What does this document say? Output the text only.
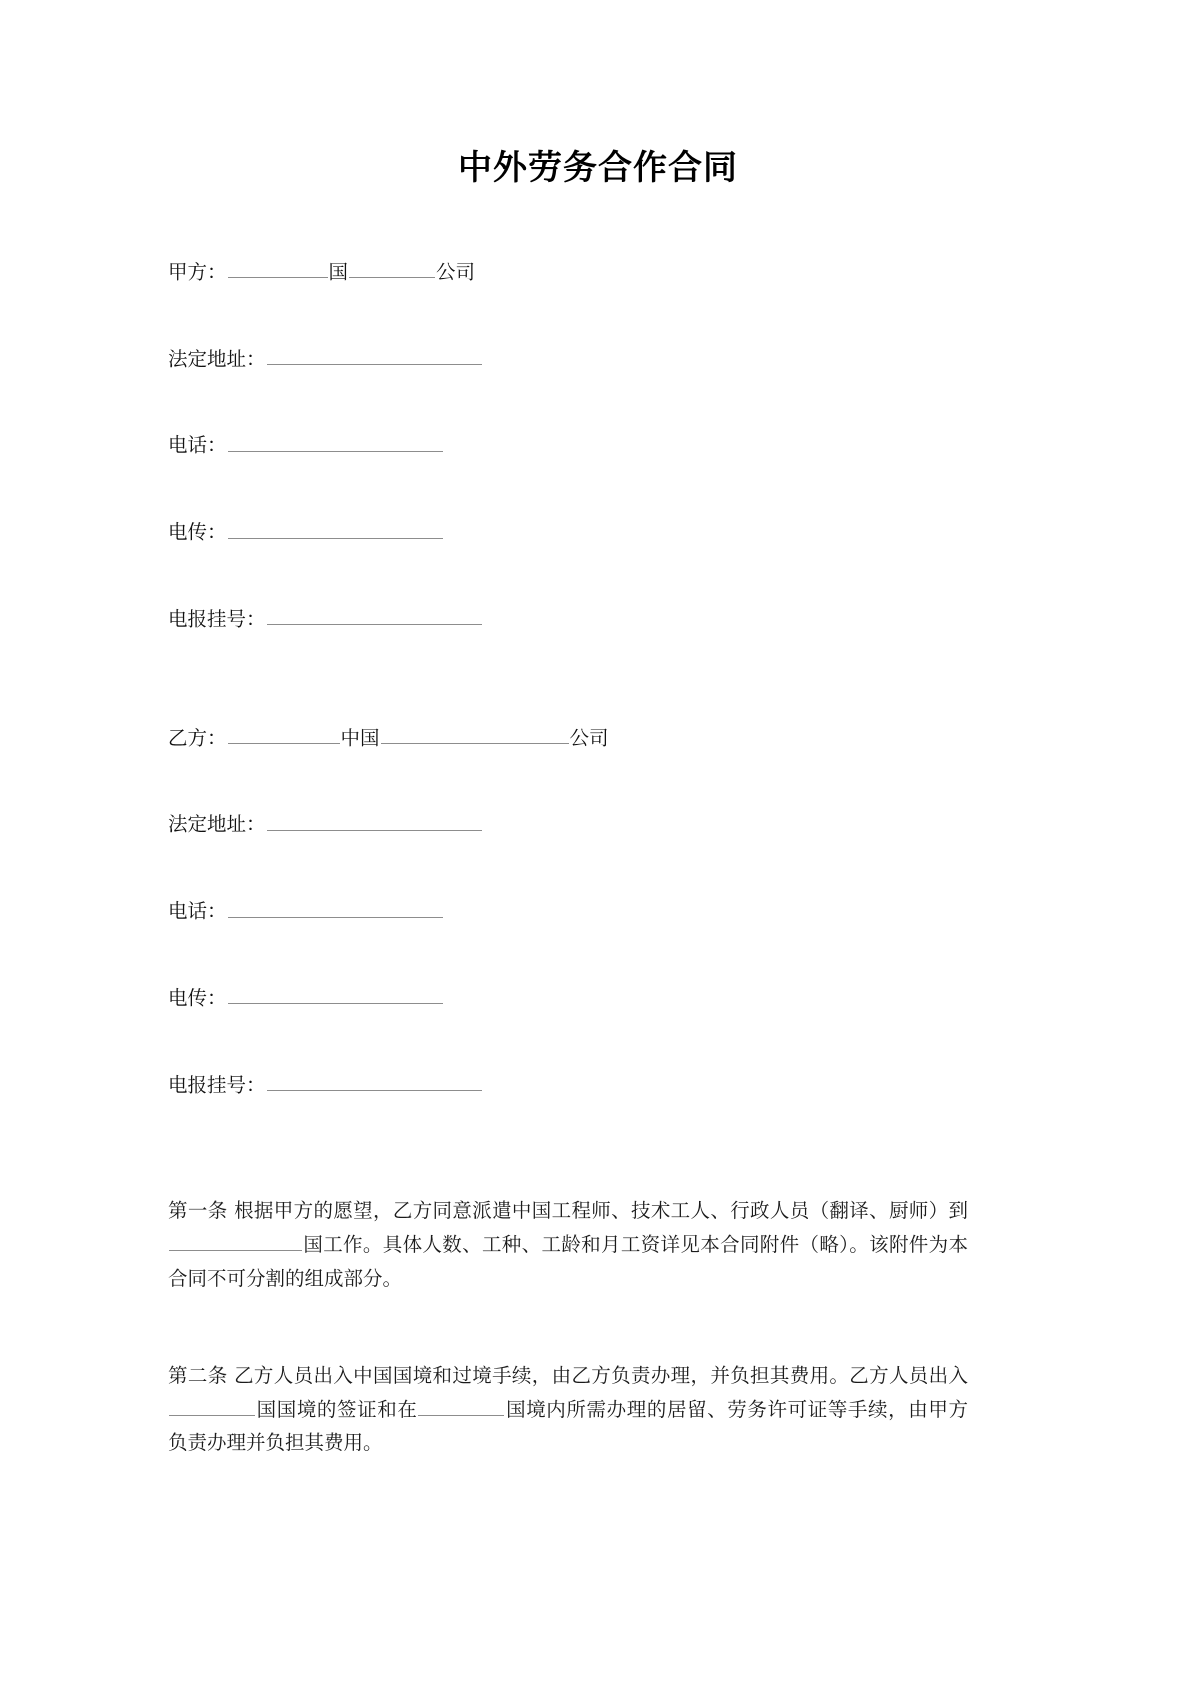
中外劳务合作合同

甲方：	国	公司

法定地址：

电话：

电传：

电报挂号：

乙方：	中国	公司

法定地址：

电话：

电传：

电报挂号：

第一条 根据甲方的愿望，乙方同意派遣中国工程师、技术工人、行政人员（翻译、厨师）到国工作。具体人数、工种、工龄和月工资详见本合同附件（略）。该附件为本合同不可分割的组成部分。

第二条 乙方人员出入中国国境和过境手续，由乙方负责办理，并负担其费用。乙方人员出入国国境的签证和在	国境内所需办理的居留、劳务许可证等手续，由甲方负责办理并负担其费用。
